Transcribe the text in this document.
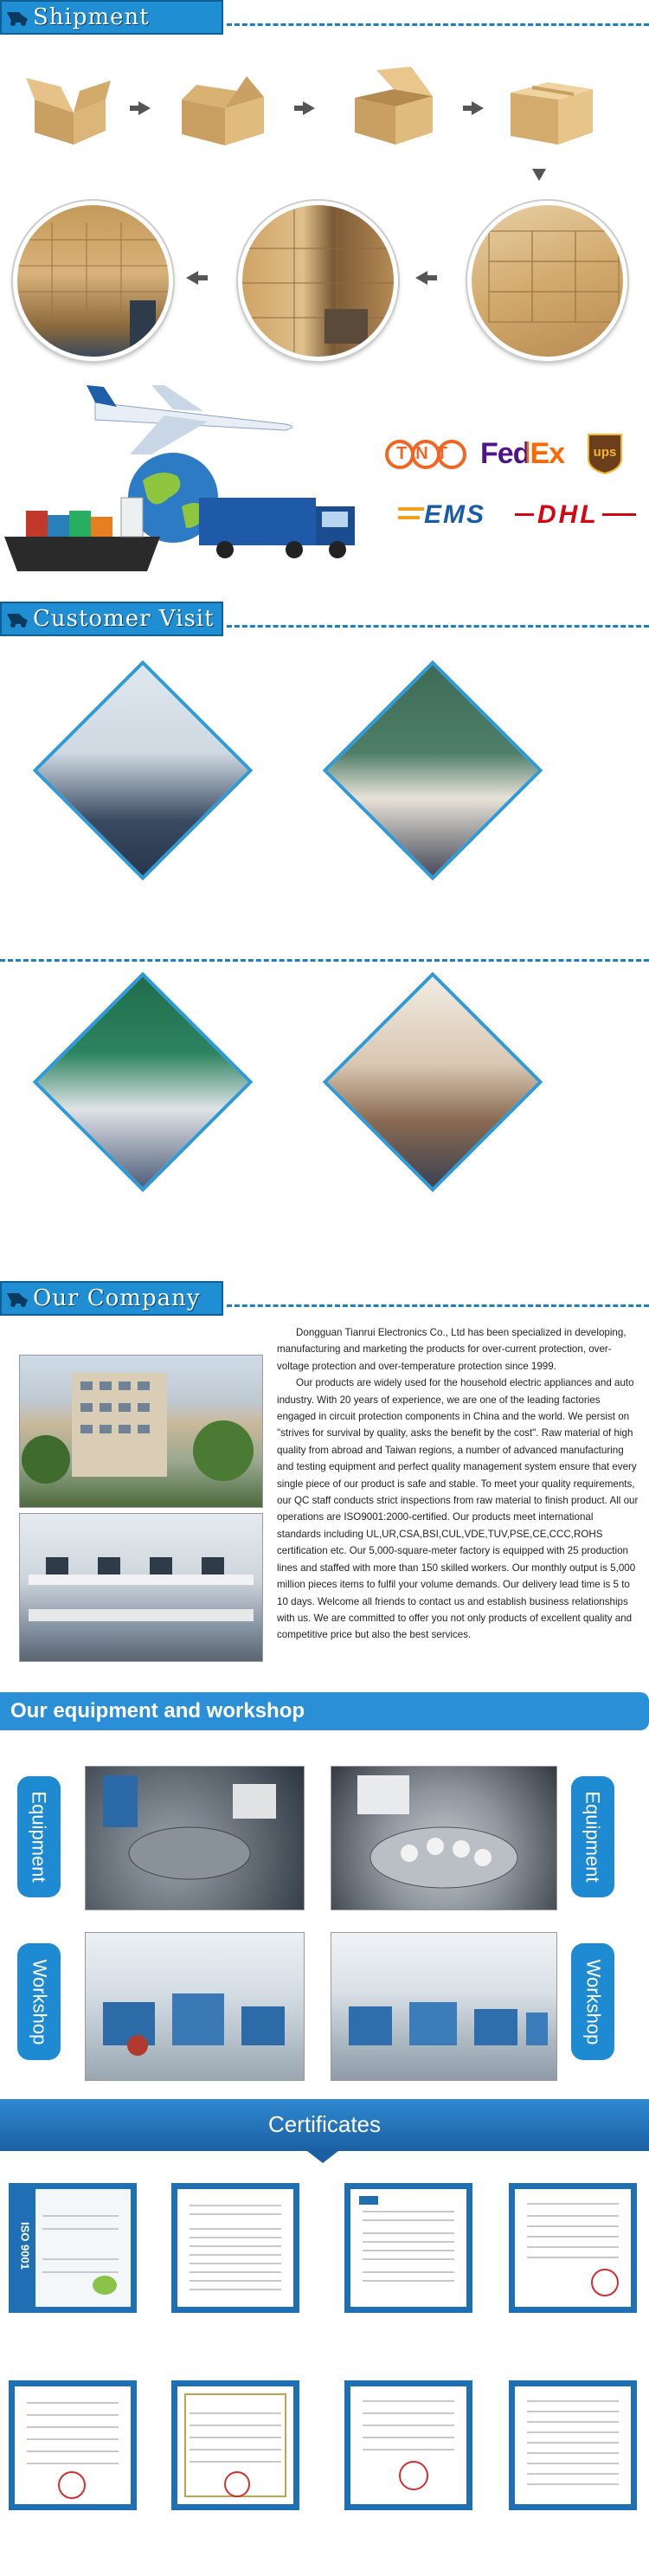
Shipment
TNT FedEx	ups
EMS DHL
Customer Visit
Our Company

Dongguan Tianrui Electronics Co., Ltd has been specialized in developing, manufacturing and marketing the products for over-current protection, over-voltage protection and over-temperature protection since 1999.

Our products are widely used for the household electric appliances and auto industry. With 20 years of experience, we are one of the leading factories engaged in circuit protection components in China and the world. We persist on "strives for survival by quality, asks the benefit by the cost". Raw material of high quality from abroad and Taiwan regions, a number of advanced manufacturing and testing equipment and perfect quality management system ensure that every single piece of our product is safe and stable. To meet your quality requirements, our QC staff conducts strict inspections from raw material to finish product. All our operations are ISO9001:2000-certified. Our products meet international standards including UL,UR,CSA,BSI,CUL,VDE,TUV,PSE,CE,CCC,ROHS certification etc. Our 5,000-square-meter factory is equipped with 25 production lines and staffed with more than 150 skilled workers. Our monthly output is 5,000 million pieces items to fulfil your volume demands. Our delivery lead time is 5 to 10 days. Welcome all friends to contact us and establish business relationships with us. We are committed to offer you not only products of excellent quality and competitive price but also the best services.

Our equipment and workshop
Equipment	Equipment
Workshop	Workshop
Certificates
ISO 9001
